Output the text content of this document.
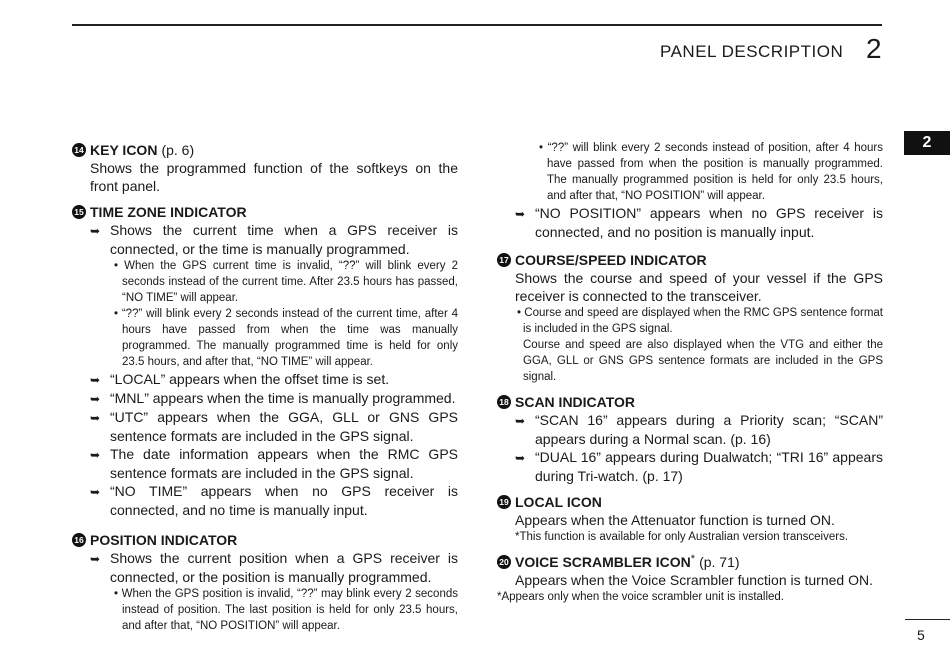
PANEL DESCRIPTION 2
2
5
14 KEY ICON (p. 6)
Shows the programmed function of the softkeys on the front panel.
15 TIME ZONE INDICATOR
➥ Shows the current time when a GPS receiver is connected, or the time is manually programmed.
• When the GPS current time is invalid, “??” will blink every 2 seconds instead of the current time. After 23.5 hours has passed, “NO TIME” will appear.
• “??” will blink every 2 seconds instead of the current time, after 4 hours have passed from when the time was manually programmed. The manually programmed time is held for only 23.5 hours, and after that, “NO TIME” will appear.
➥ “LOCAL” appears when the offset time is set.
➥ “MNL” appears when the time is manually programmed.
➥ “UTC” appears when the GGA, GLL or GNS GPS sentence formats are included in the GPS signal.
➥ The date information appears when the RMC GPS sentence formats are included in the GPS signal.
➥ “NO TIME” appears when no GPS receiver is connected, and no time is manually input.
16 POSITION INDICATOR
➥ Shows the current position when a GPS receiver is connected, or the position is manually programmed.
• When the GPS position is invalid, “??” may blink every 2 seconds instead of position. The last position is held for only 23.5 hours, and after that, “NO POSITION” will appear.
• “??” will blink every 2 seconds instead of position, after 4 hours have passed from when the position is manually programmed. The manually programmed position is held for only 23.5 hours, and after that, “NO POSITION” will appear.
➥ “NO POSITION” appears when no GPS receiver is connected, and no position is manually input.
17 COURSE/SPEED INDICATOR
Shows the course and speed of your vessel if the GPS receiver is connected to the transceiver.
• Course and speed are displayed when the RMC GPS sentence format is included in the GPS signal.
Course and speed are also displayed when the VTG and either the GGA, GLL or GNS GPS sentence formats are included in the GPS signal.
18 SCAN INDICATOR
➥ “SCAN 16” appears during a Priority scan; “SCAN” appears during a Normal scan. (p. 16)
➥ “DUAL 16” appears during Dualwatch; “TRI 16” appears during Tri-watch. (p. 17)
19 LOCAL ICON
Appears when the Attenuator function is turned ON.
*This function is available for only Australian version transceivers.
20 VOICE SCRAMBLER ICON * (p. 71)
Appears when the Voice Scrambler function is turned ON.
*Appears only when the voice scrambler unit is installed.
